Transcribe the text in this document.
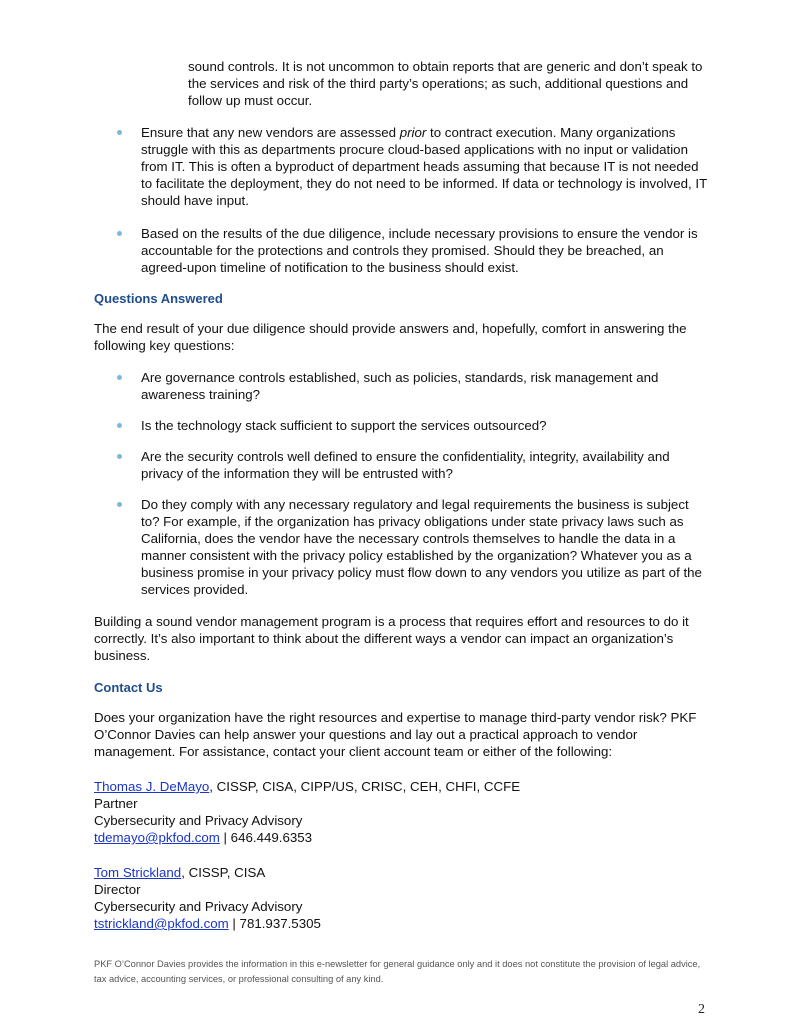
sound controls. It is not uncommon to obtain reports that are generic and don’t speak to the services and risk of the third party’s operations; as such, additional questions and follow up must occur.

Ensure that any new vendors are assessed prior to contract execution. Many organizations struggle with this as departments procure cloud-based applications with no input or validation from IT. This is often a byproduct of department heads assuming that because IT is not needed to facilitate the deployment, they do not need to be informed. If data or technology is involved, IT should have input.
Based on the results of the due diligence, include necessary provisions to ensure the vendor is accountable for the protections and controls they promised. Should they be breached, an agreed-upon timeline of notification to the business should exist.
Questions Answered

The end result of your due diligence should provide answers and, hopefully, comfort in answering the following key questions:

Are governance controls established, such as policies, standards, risk management and awareness training?
Is the technology stack sufficient to support the services outsourced?
Are the security controls well defined to ensure the confidentiality, integrity, availability and privacy of the information they will be entrusted with?
Do they comply with any necessary regulatory and legal requirements the business is subject to? For example, if the organization has privacy obligations under state privacy laws such as California, does the vendor have the necessary controls themselves to handle the data in a manner consistent with the privacy policy established by the organization? Whatever you as a business promise in your privacy policy must flow down to any vendors you utilize as part of the services provided.

Building a sound vendor management program is a process that requires effort and resources to do it correctly. It’s also important to think about the different ways a vendor can impact an organization’s business.

Contact Us

Does your organization have the right resources and expertise to manage third-party vendor risk? PKF O’Connor Davies can help answer your questions and lay out a practical approach to vendor management. For assistance, contact your client account team or either of the following:

Thomas J. DeMayo, CISSP, CISA, CIPP/US, CRISC, CEH, CHFI, CCFE
Partner
Cybersecurity and Privacy Advisory
tdemayo@pkfod.com | 646.449.6353
Tom Strickland, CISSP, CISA
Director
Cybersecurity and Privacy Advisory
tstrickland@pkfod.com | 781.937.5305

PKF O’Connor Davies provides the information in this e-newsletter for general guidance only and it does not constitute the provision of legal advice, tax advice, accounting services, or professional consulting of any kind.

2
